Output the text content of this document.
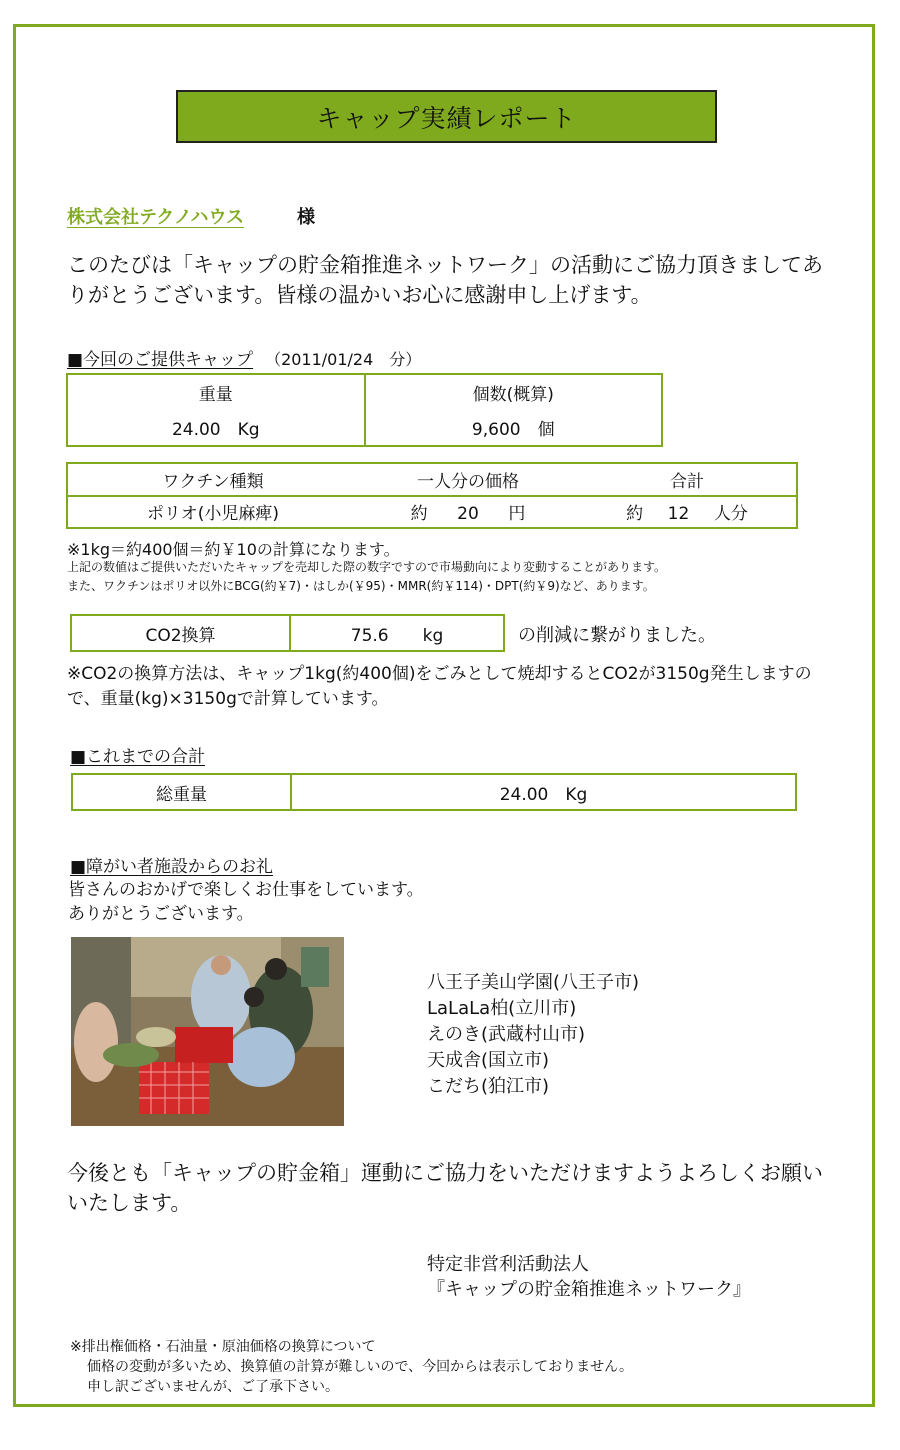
キャップ実績レポート
株式会社テクノハウス	様
このたびは「キャップの貯金箱推進ネットワーク」の活動にご協力頂きましてありがとうございます。皆様の温かいお心に感謝申し上げます。
■今回のご提供キャップ （2011/01/24　分）
重量	個数(概算)
24.00　Kg	9,600　個
ワクチン種類	一人分の価格	合計
ポリオ(小児麻痺)	約 20 円	約 12 人分
※1kg＝約400個＝約￥10の計算になります。
上記の数値はご提供いただいたキャップを売却した際の数字ですので市場動向により変動することがあります。
また、ワクチンはポリオ以外にBCG(約￥7)・はしか(￥95)・MMR(約￥114)・DPT(約￥9)など、あります。
CO2換算	75.6　　kg	の削減に繋がりました。
※CO2の換算方法は、キャップ1kg(約400個)をごみとして焼却するとCO2が3150g発生しますので、重量(kg)×3150gで計算しています。
■これまでの合計
総重量	24.00　Kg
■障がい者施設からのお礼
皆さんのおかげで楽しくお仕事をしています。
ありがとうございます。
八王子美山学園(八王子市)
LaLaLa柏(立川市)
えのき(武蔵村山市)
天成舎(国立市)
こだち(狛江市)
今後とも「キャップの貯金箱」運動にご協力をいただけますようよろしくお願いいたします。
特定非営利活動法人
『キャップの貯金箱推進ネットワーク』
※排出権価格・石油量・原油価格の換算について
価格の変動が多いため、換算値の計算が難しいので、今回からは表示しておりません。
申し訳ございませんが、ご了承下さい。
